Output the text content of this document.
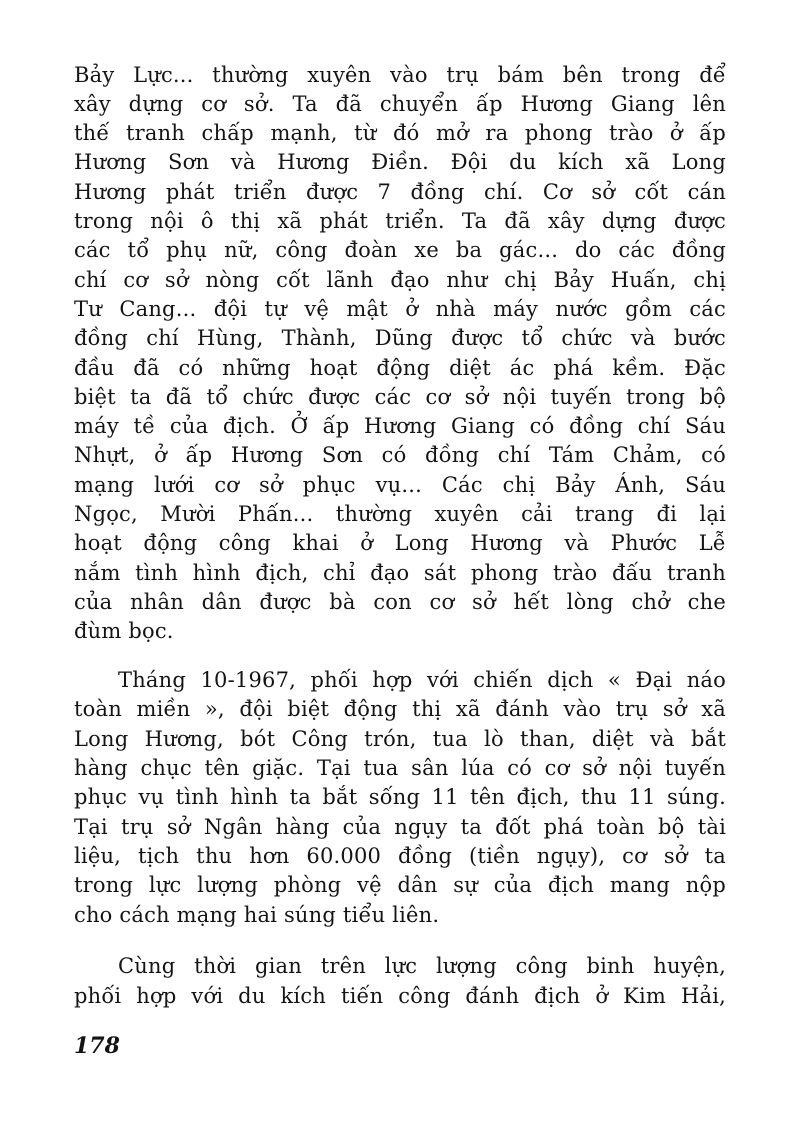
Bảy Lực... thường xuyên vào trụ bám bên trong để
xây dựng cơ sở. Ta đã chuyển ấp Hương Giang lên
thế tranh chấp mạnh, từ đó mở ra phong trào ở ấp
Hương Sơn và Hương Điền. Đội du kích xã Long
Hương phát triển được 7 đồng chí. Cơ sở cốt cán
trong nội ô thị xã phát triển. Ta đã xây dựng được
các tổ phụ nữ, công đoàn xe ba gác... do các đồng
chí cơ sở nòng cốt lãnh đạo như chị Bảy Huấn, chị
Tư Cang... đội tự vệ mật ở nhà máy nước gồm các
đồng chí Hùng, Thành, Dũng được tổ chức và bước
đầu đã có những hoạt động diệt ác phá kềm. Đặc
biệt ta đã tổ chức được các cơ sở nội tuyến trong bộ
máy tề của địch. Ở ấp Hương Giang có đồng chí Sáu
Nhựt, ở ấp Hương Sơn có đồng chí Tám Chảm, có
mạng lưới cơ sở phục vụ... Các chị Bảy Ánh, Sáu
Ngọc, Mười Phấn... thường xuyên cải trang đi lại
hoạt động công khai ở Long Hương và Phước Lễ
nắm tình hình địch, chỉ đạo sát phong trào đấu tranh
của nhân dân được bà con cơ sở hết lòng chở che
đùm bọc.
Tháng 10-1967, phối hợp với chiến dịch « Đại náo
toàn miền », đội biệt động thị xã đánh vào trụ sở xã
Long Hương, bót Công trón, tua lò than, diệt và bắt
hàng chục tên giặc. Tại tua sân lúa có cơ sở nội tuyến
phục vụ tình hình ta bắt sống 11 tên địch, thu 11 súng.
Tại trụ sở Ngân hàng của ngụy ta đốt phá toàn bộ tài
liệu, tịch thu hơn 60.000 đồng (tiền ngụy), cơ sở ta
trong lực lượng phòng vệ dân sự của địch mang nộp
cho cách mạng hai súng tiểu liên.
Cùng thời gian trên lực lượng công binh huyện,
phối hợp với du kích tiến công đánh địch ở Kim Hải,
178
